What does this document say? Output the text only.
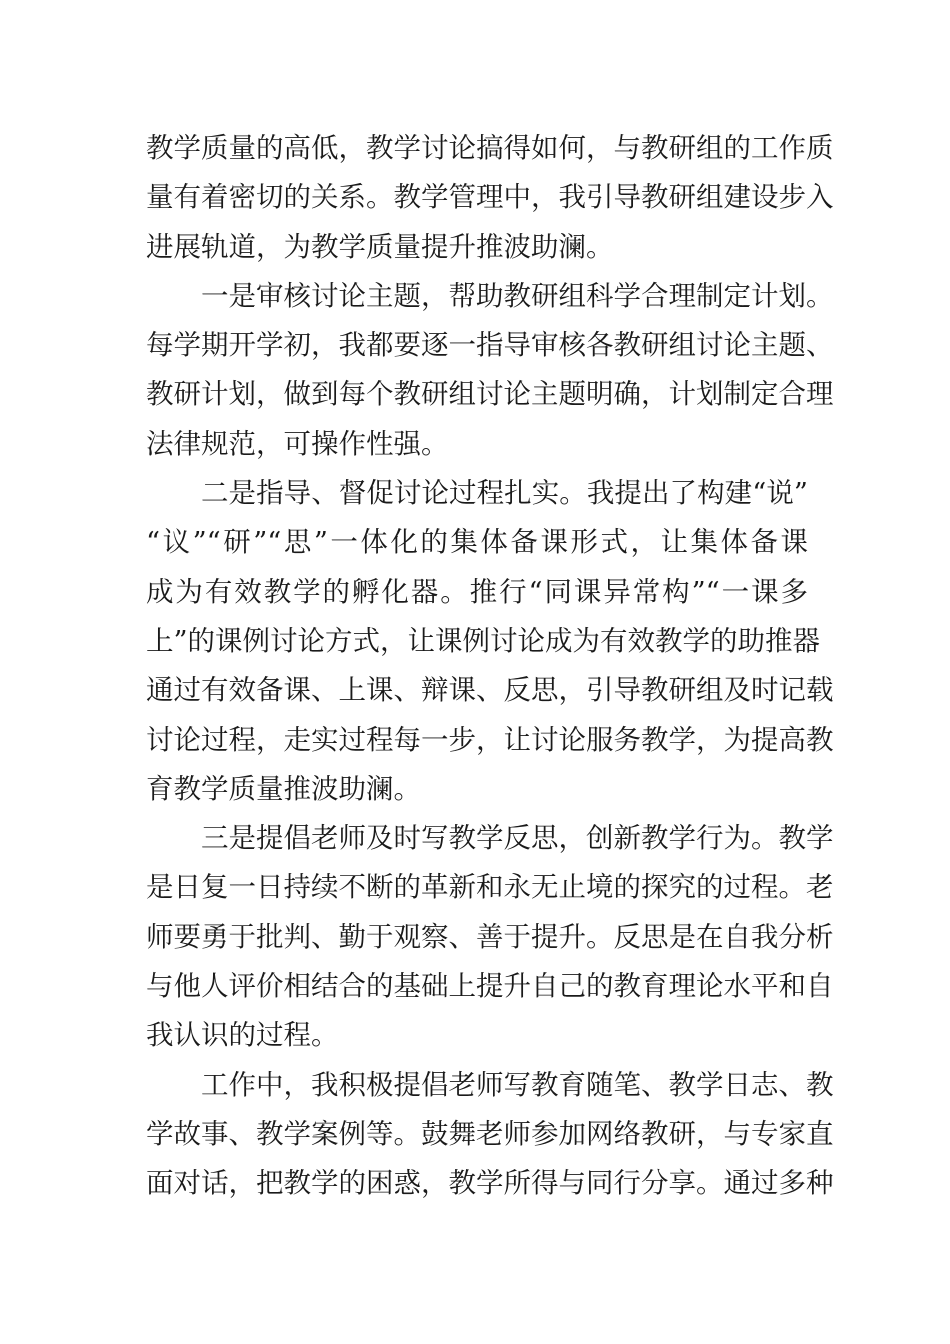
教学质量的高低，教学讨论搞得如何，与教研组的工作质
量有着密切的关系。教学管理中，我引导教研组建设步入
进展轨道，为教学质量提升推波助澜。
一是审核讨论主题，帮助教研组科学合理制定计划。
每学期开学初，我都要逐一指导审核各教研组讨论主题、
教研计划，做到每个教研组讨论主题明确，计划制定合理
法律规范，可操作性强。
二是指导、督促讨论过程扎实。我提出了构建“说”
“议”“研”“思”一体化的集体备课形式，让集体备课
成为有效教学的孵化器。推行“同课异常构”“一课多
上”的课例讨论方式，让课例讨论成为有效教学的助推器
通过有效备课、上课、辩课、反思，引导教研组及时记载
讨论过程，走实过程每一步，让讨论服务教学，为提高教
育教学质量推波助澜。
三是提倡老师及时写教学反思，创新教学行为。教学
是日复一日持续不断的革新和永无止境的探究的过程。老
师要勇于批判、勤于观察、善于提升。反思是在自我分析
与他人评价相结合的基础上提升自己的教育理论水平和自
我认识的过程。
工作中，我积极提倡老师写教育随笔、教学日志、教
学故事、教学案例等。鼓舞老师参加网络教研，与专家直
面对话，把教学的困惑，教学所得与同行分享。通过多种
